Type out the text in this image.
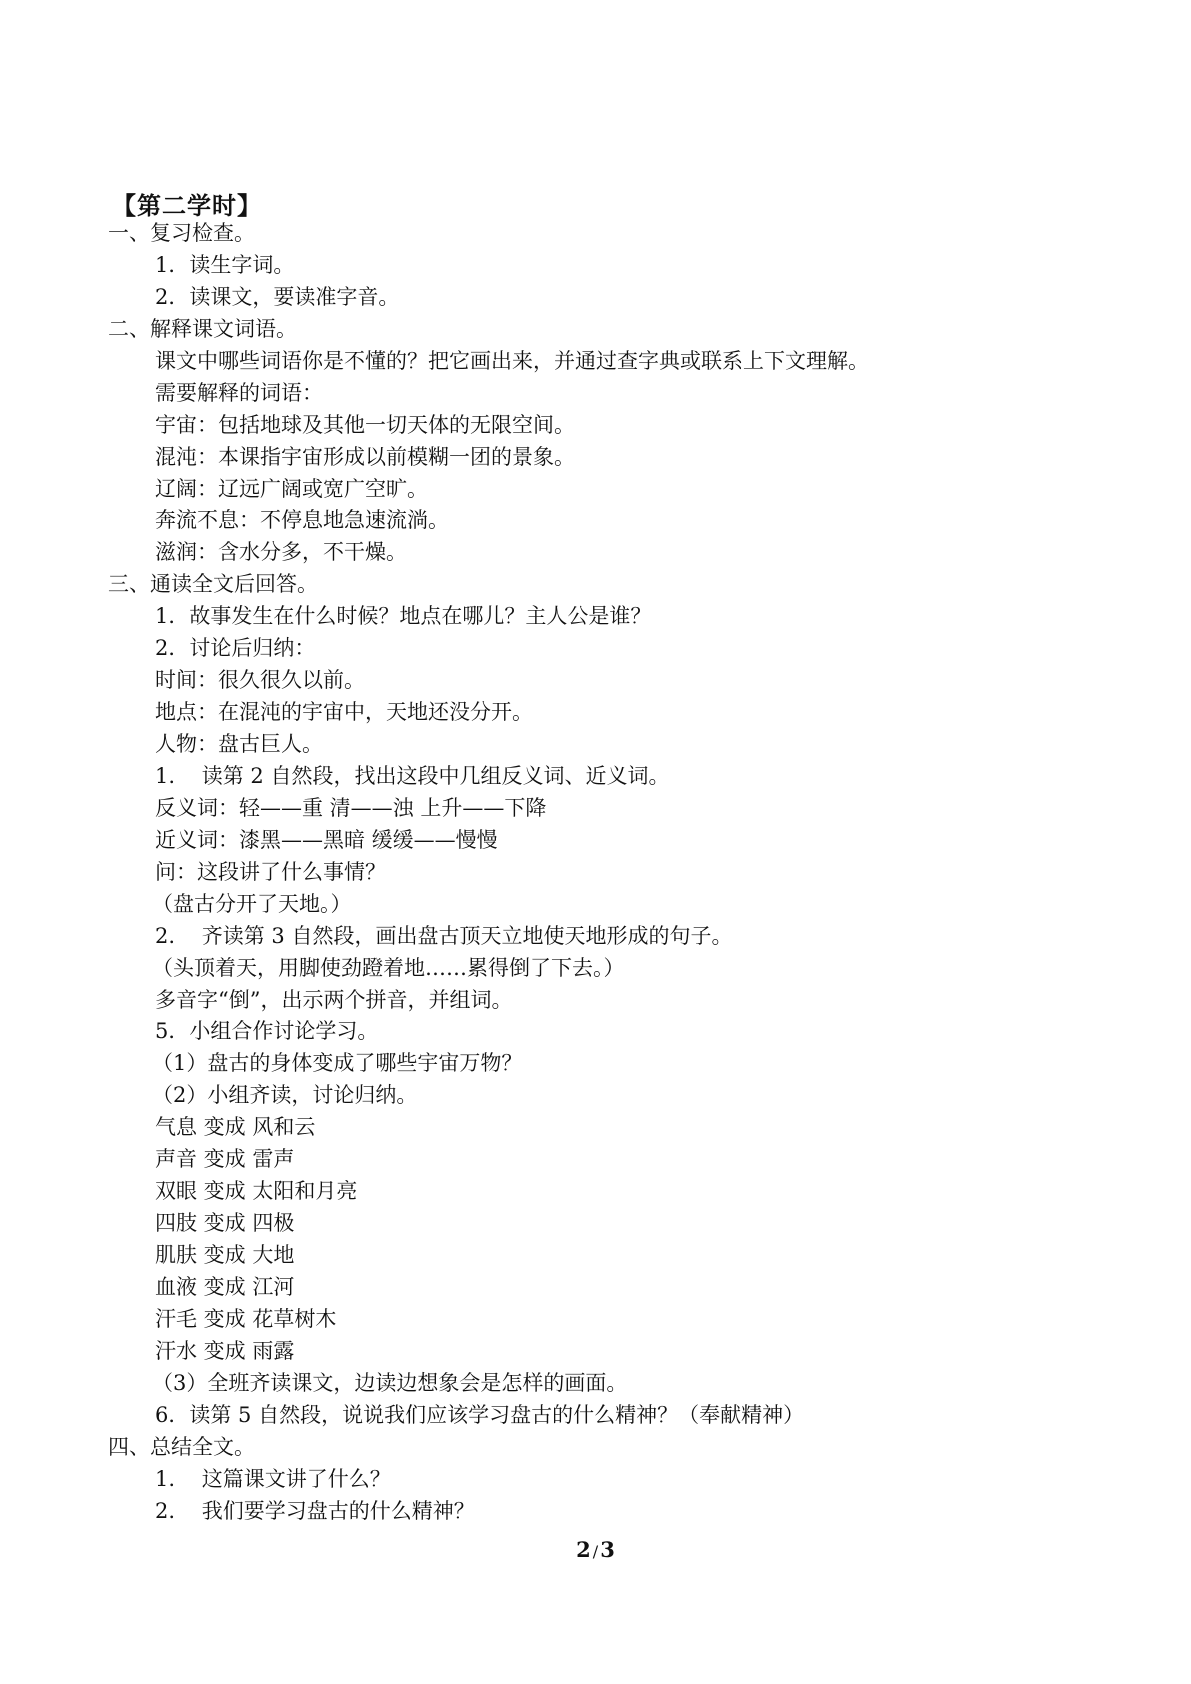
【第二学时】
一、复习检查。
1．读生字词。
2．读课文，要读准字音。
二、解释课文词语。
课文中哪些词语你是不懂的？把它画出来，并通过查字典或联系上下文理解。
需要解释的词语：
宇宙：包括地球及其他一切天体的无限空间。
混沌：本课指宇宙形成以前模糊一团的景象。
辽阔：辽远广阔或宽广空旷。
奔流不息：不停息地急速流淌。
滋润：含水分多，不干燥。
三、通读全文后回答。
1．故事发生在什么时候？地点在哪儿？主人公是谁？
2．讨论后归纳：
时间：很久很久以前。
地点：在混沌的宇宙中，天地还没分开。
人物：盘古巨人。
1.    读第 2 自然段，找出这段中几组反义词、近义词。
反义词：轻——重 清——浊 上升——下降
近义词：漆黑——黑暗 缓缓——慢慢
问：这段讲了什么事情？
（盘古分开了天地。）
2.    齐读第 3 自然段，画出盘古顶天立地使天地形成的句子。
（头顶着天，用脚使劲蹬着地……累得倒了下去。）
多音字“倒”，出示两个拼音，并组词。
5．小组合作讨论学习。
（1）盘古的身体变成了哪些宇宙万物？
（2）小组齐读，讨论归纳。
气息 变成 风和云
声音 变成 雷声
双眼 变成 太阳和月亮
四肢 变成 四极
肌肤 变成 大地
血液 变成 江河
汗毛 变成 花草树木
汗水 变成 雨露
（3）全班齐读课文，边读边想象会是怎样的画面。
6．读第 5 自然段，说说我们应该学习盘古的什么精神？（奉献精神）
四、总结全文。
1.    这篇课文讲了什么？
2.    我们要学习盘古的什么精神？
2 /3
